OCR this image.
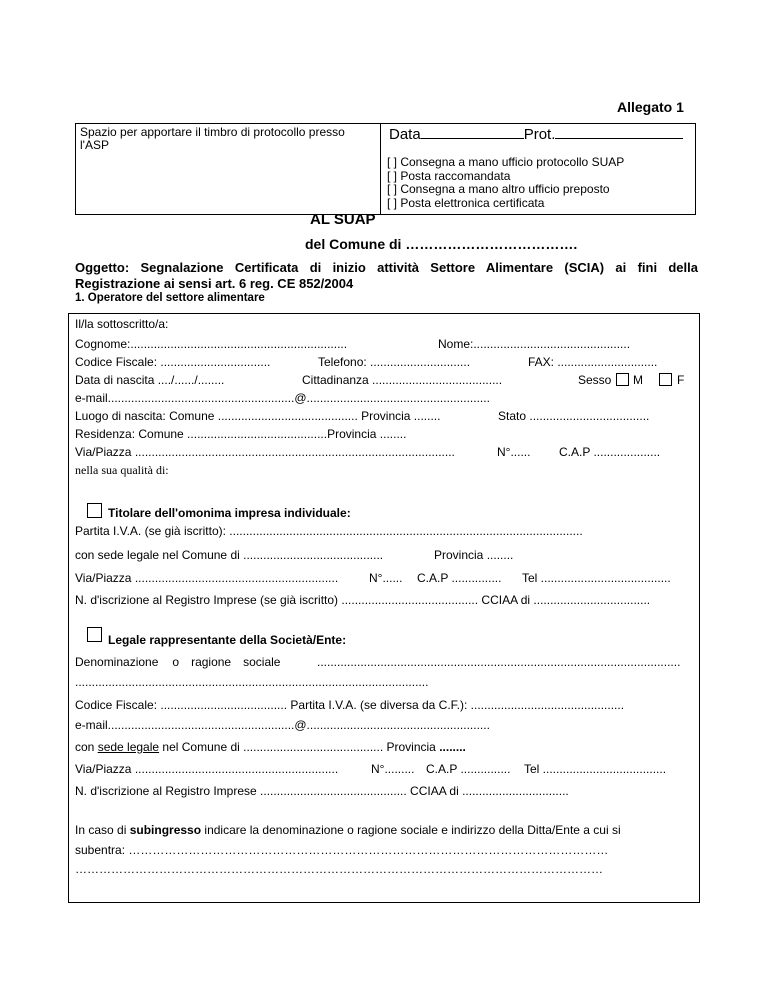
Allegato 1
Spazio per apportare il timbro di protocollo presso l'ASP
Data	Prot.
[ ] Consegna a mano ufficio protocollo SUAP
[ ] Posta raccomandata
[ ] Consegna a mano altro ufficio preposto
[ ] Posta elettronica certificata
AL SUAP
del Comune di ……………………………….
Oggetto: Segnalazione Certificata di inizio attività Settore Alimentare (SCIA) ai fini della
Registrazione ai sensi art. 6 reg. CE 852/2004
1. Operatore del settore alimentare
Il/la sottoscritto/a:
Cognome:.................................................................	Nome:...............................................
Codice Fiscale: .................................	Telefono: ..............................	FAX: ..............................
Data di nascita ..../....../........	Cittadinanza .......................................	Sesso M	F
e-mail........................................................@.......................................................
Luogo di nascita: Comune .......................................... Provincia ........	Stato ....................................
Residenza: Comune ..........................................Provincia ........
Via/Piazza ................................................................................................	N°...... C.A.P ....................
nella sua qualità di:
Titolare dell'omonima impresa individuale:
Partita I.V.A. (se già iscritto): ..........................................................................................................
con sede legale nel Comune di ..........................................	Provincia ........
Via/Piazza .............................................................	N°...... C.A.P ............... Tel .......................................
N. d'iscrizione al Registro Imprese (se già iscritto) ......................................... CCIAA di ...................................
Legale rappresentante della Società/Ente:
Denominazione o ragione sociale	.............................................................................................................
..........................................................................................................
Codice Fiscale: ...................................... Partita I.V.A. (se diversa da C.F.): ..............................................
e-mail........................................................@.......................................................
con sede legale nel Comune di .......................................... Provincia ........
Via/Piazza .............................................................	N°......... C.A.P ............... Tel .....................................
N. d'iscrizione al Registro Imprese ............................................ CCIAA di ................................
In caso di subingresso indicare la denominazione o ragione sociale e indirizzo della Ditta/Ente a cui si
subentra: …………………………………………………………………………………………………………
……………………………………………………………………………………………………………………
